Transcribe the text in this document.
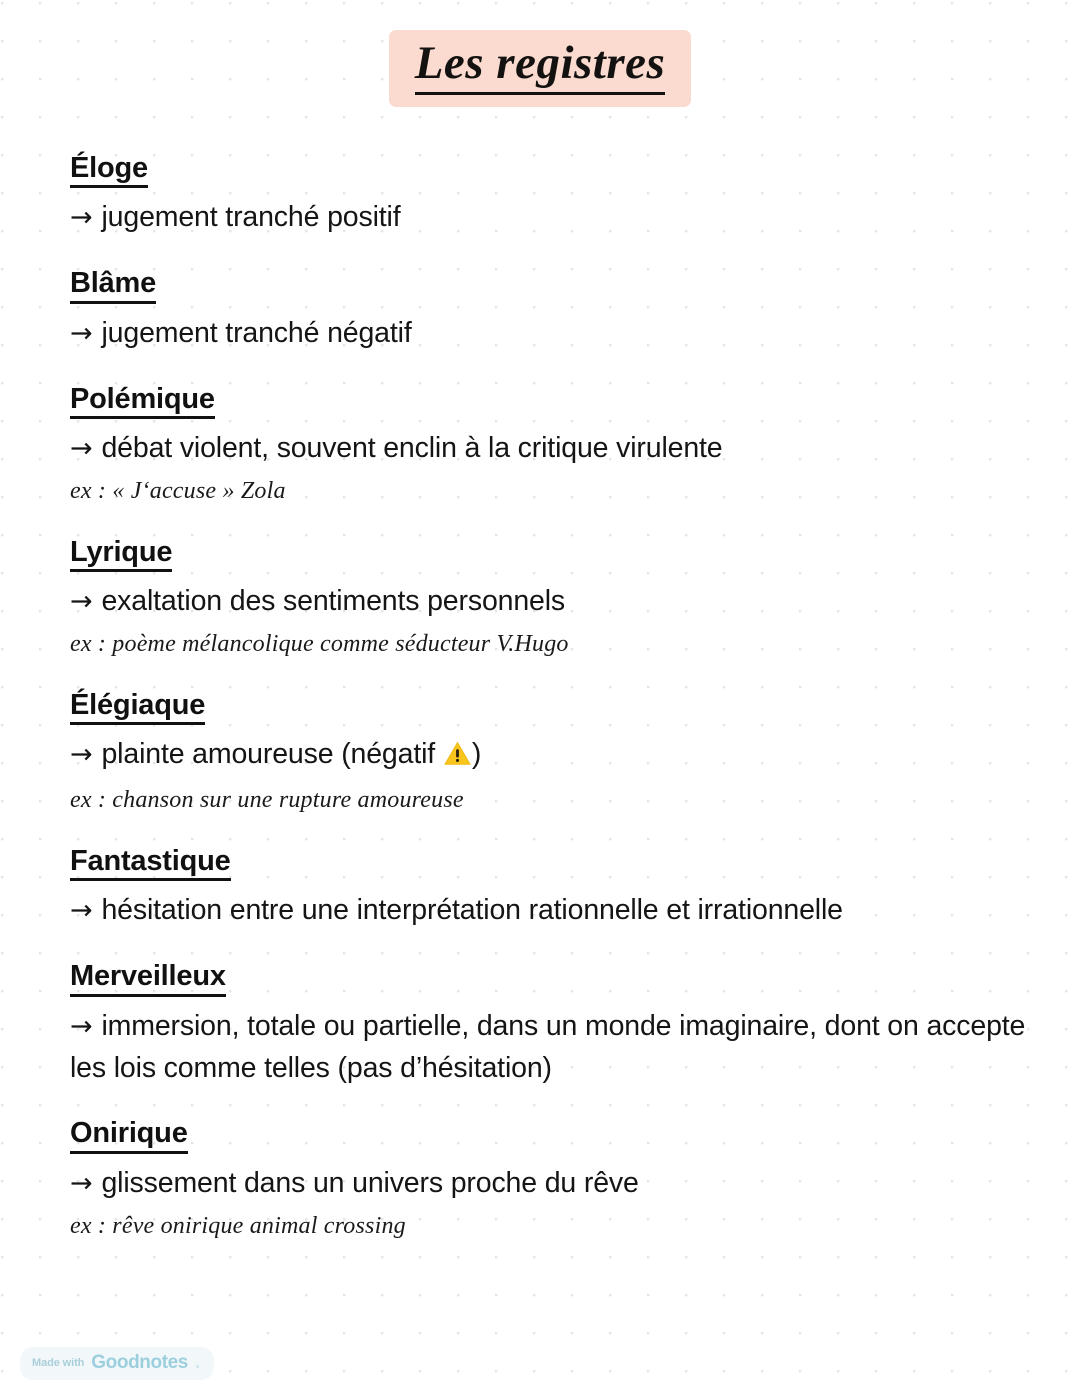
Les registres
Éloge

→ jugement tranché positif

Blâme

→ jugement tranché négatif

Polémique

→ débat violent, souvent enclin à la critique virulente

ex : « J‘accuse » Zola

Lyrique

→ exaltation des sentiments personnels

ex : poème mélancolique comme séducteur V.Hugo

Élégiaque

→ plainte amoureuse (négatif )

ex : chanson sur une rupture amoureuse

Fantastique

→ hésitation entre une interprétation rationnelle et irrationnelle

Merveilleux

→ immersion, totale ou partielle, dans un monde imaginaire, dont on accepte les lois comme telles (pas d’hésitation)

Onirique

→ glissement dans un univers proche du rêve

ex : rêve onirique animal crossing

Made with Goodnotes .
